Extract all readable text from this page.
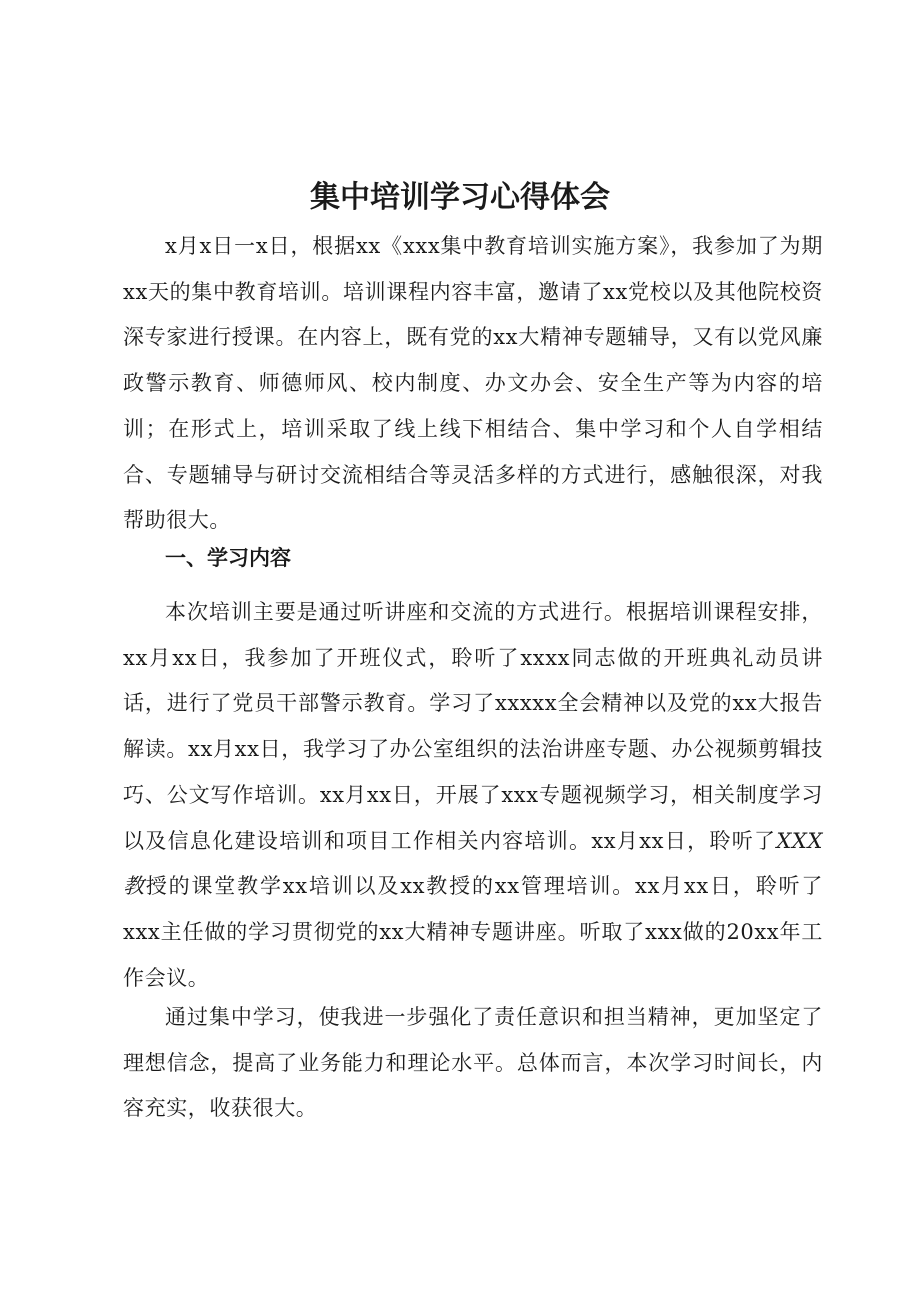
集中培训学习心得体会

x月x日一x日，根据xx《xxx集中教育培训实施方案》，我参加了为期xx天的集中教育培训。培训课程内容丰富，邀请了xx党校以及其他院校资深专家进行授课。在内容上，既有党的xx大精神专题辅导，又有以党风廉政警示教育、师德师风、校内制度、办文办会、安全生产等为内容的培训；在形式上，培训采取了线上线下相结合、集中学习和个人自学相结合、专题辅导与研讨交流相结合等灵活多样的方式进行，感触很深，对我帮助很大。

一、学习内容

本次培训主要是通过听讲座和交流的方式进行。根据培训课程安排，xx月xx日，我参加了开班仪式，聆听了xxxx同志做的开班典礼动员讲话，进行了党员干部警示教育。学习了xxxxx全会精神以及党的xx大报告解读。xx月xx日，我学习了办公室组织的法治讲座专题、办公视频剪辑技巧、公文写作培训。xx月xx日，开展了xxx专题视频学习，相关制度学习以及信息化建设培训和项目工作相关内容培训。xx月xx日，聆听了XXX教授的课堂教学xx培训以及xx教授的xx管理培训。xx月xx日，聆听了xxx主任做的学习贯彻党的xx大精神专题讲座。听取了xxx做的20xx年工作会议。

通过集中学习，使我进一步强化了责任意识和担当精神，更加坚定了理想信念，提高了业务能力和理论水平。总体而言，本次学习时间长，内容充实，收获很大。
